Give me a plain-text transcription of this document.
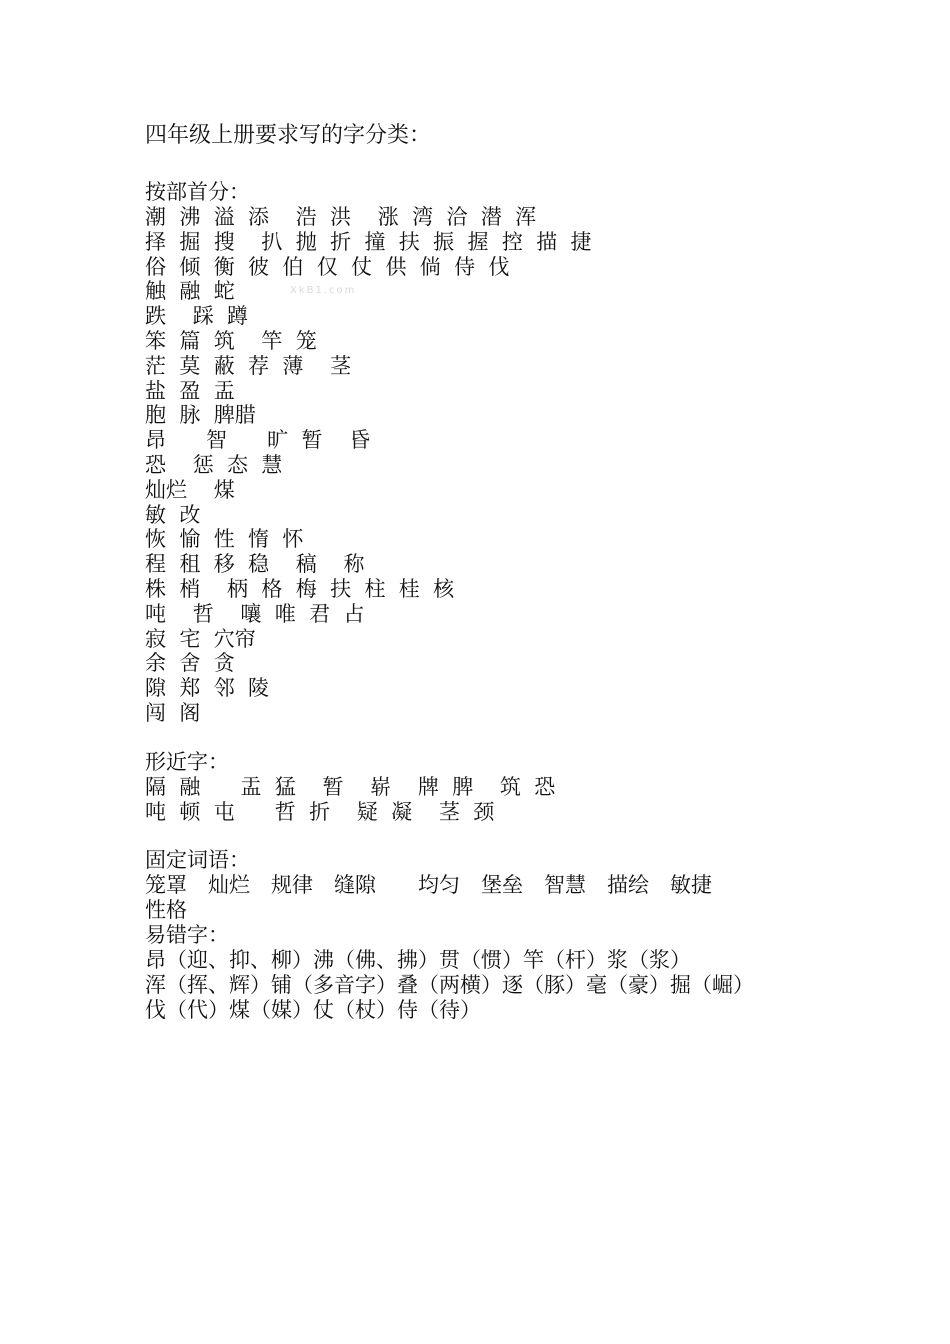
XkB1.com
四年级上册要求写的字分类：

按部首分：

潮  沸  溢  添    浩  洪    涨  湾  洽  潜  浑

择  掘  搜    扒  抛  折  撞  扶  振  握  控  描  捷

俗  倾  衡  彼  伯  仅  仗  供  倘  侍  伐

触  融  蛇

跌    踩  蹲

笨  篇  筑    竿  笼

茫  莫  蔽  荐  薄    茎

盐  盈  盂

胞  脉  脾腊

昂      智      旷  暂    昏

恐    惩  态  慧

灿烂    煤

敏  改

恢  愉  性  惰  怀

程  租  移  稳    稿    称

株  梢    柄  格  梅  扶  柱  桂  核

吨    哲    嚷  唯  君  占

寂  宅  穴帘

余  舍  贪

隙  郑  邻  陵

闯  阁

形近字：

隔  融      盂  猛    暂    崭    牌  脾    筑  恐

吨  顿  屯      哲  折    疑  凝    茎  颈

固定词语：

笼罩  灿烂  规律  缝隙   均匀  堡垒  智慧  描绘  敏捷
性格

易错字：

昂（迎、抑、柳）沸（佛、拂）贯（惯）竿（杆）浆（浆）

浑（挥、辉）铺（多音字）叠（两横）逐（豚）毫（豪）掘（崛）

伐（代）煤（媒）仗（杖）侍（待）
